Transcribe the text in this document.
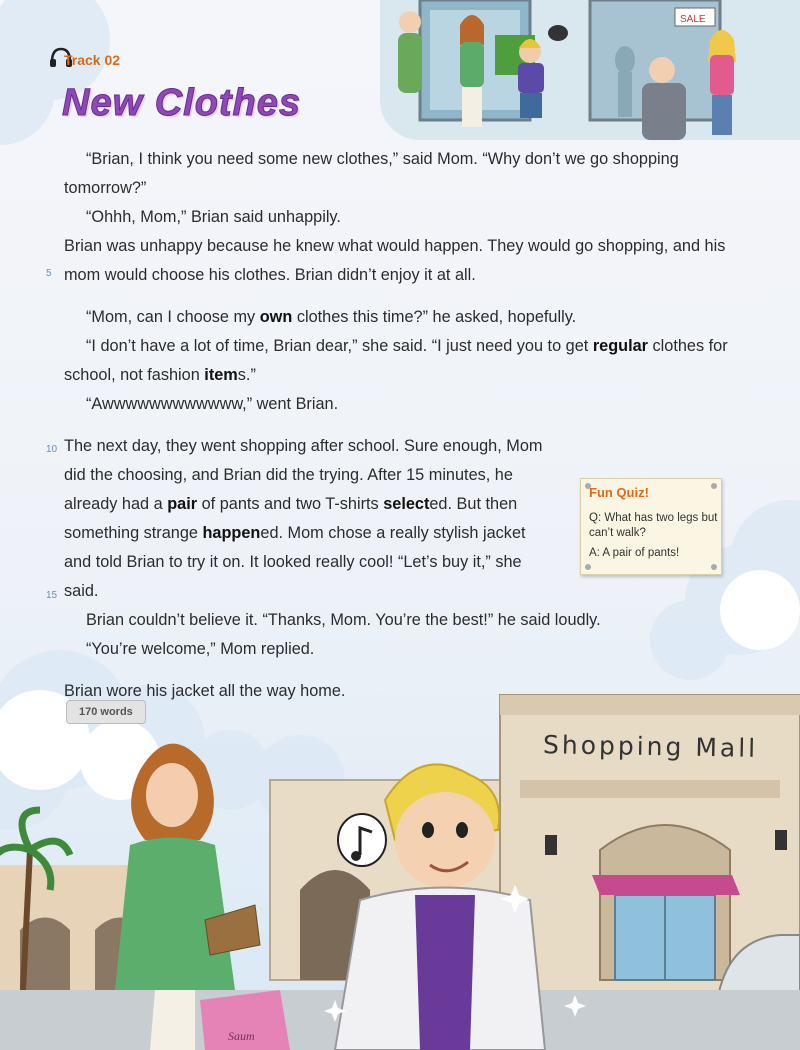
SALE
Track 02
New Clothes
5
10
15

“Brian, I think you need some new clothes,” said Mom. “Why don’t we go shopping tomorrow?”

“Ohhh, Mom,” Brian said unhappily.

Brian was unhappy because he knew what would happen. They would go shopping, and his mom would choose his clothes. Brian didn’t enjoy it at all.

“Mom, can I choose my own clothes this time?” he asked, hopefully.

“I don’t have a lot of time, Brian dear,” she said. “I just need you to get regular clothes for school, not fashion items.”

“Awwwwwwwwwwww,” went Brian.

The next day, they went shopping after school. Sure enough, Mom did the choosing, and Brian did the trying. After 15 minutes, he already had a pair of pants and two T-shirts selected. But then something strange happened. Mom chose a really stylish jacket and told Brian to try it on. It looked really cool! “Let’s buy it,” she said.

Brian couldn’t believe it. “Thanks, Mom. You’re the best!” he said loudly.

“You’re welcome,” Mom replied.

Brian wore his jacket all the way home.

Fun Quiz!
Q: What has two legs but can’t walk?
A: A pair of pants!
170 words
Saum
Shopping Mall
